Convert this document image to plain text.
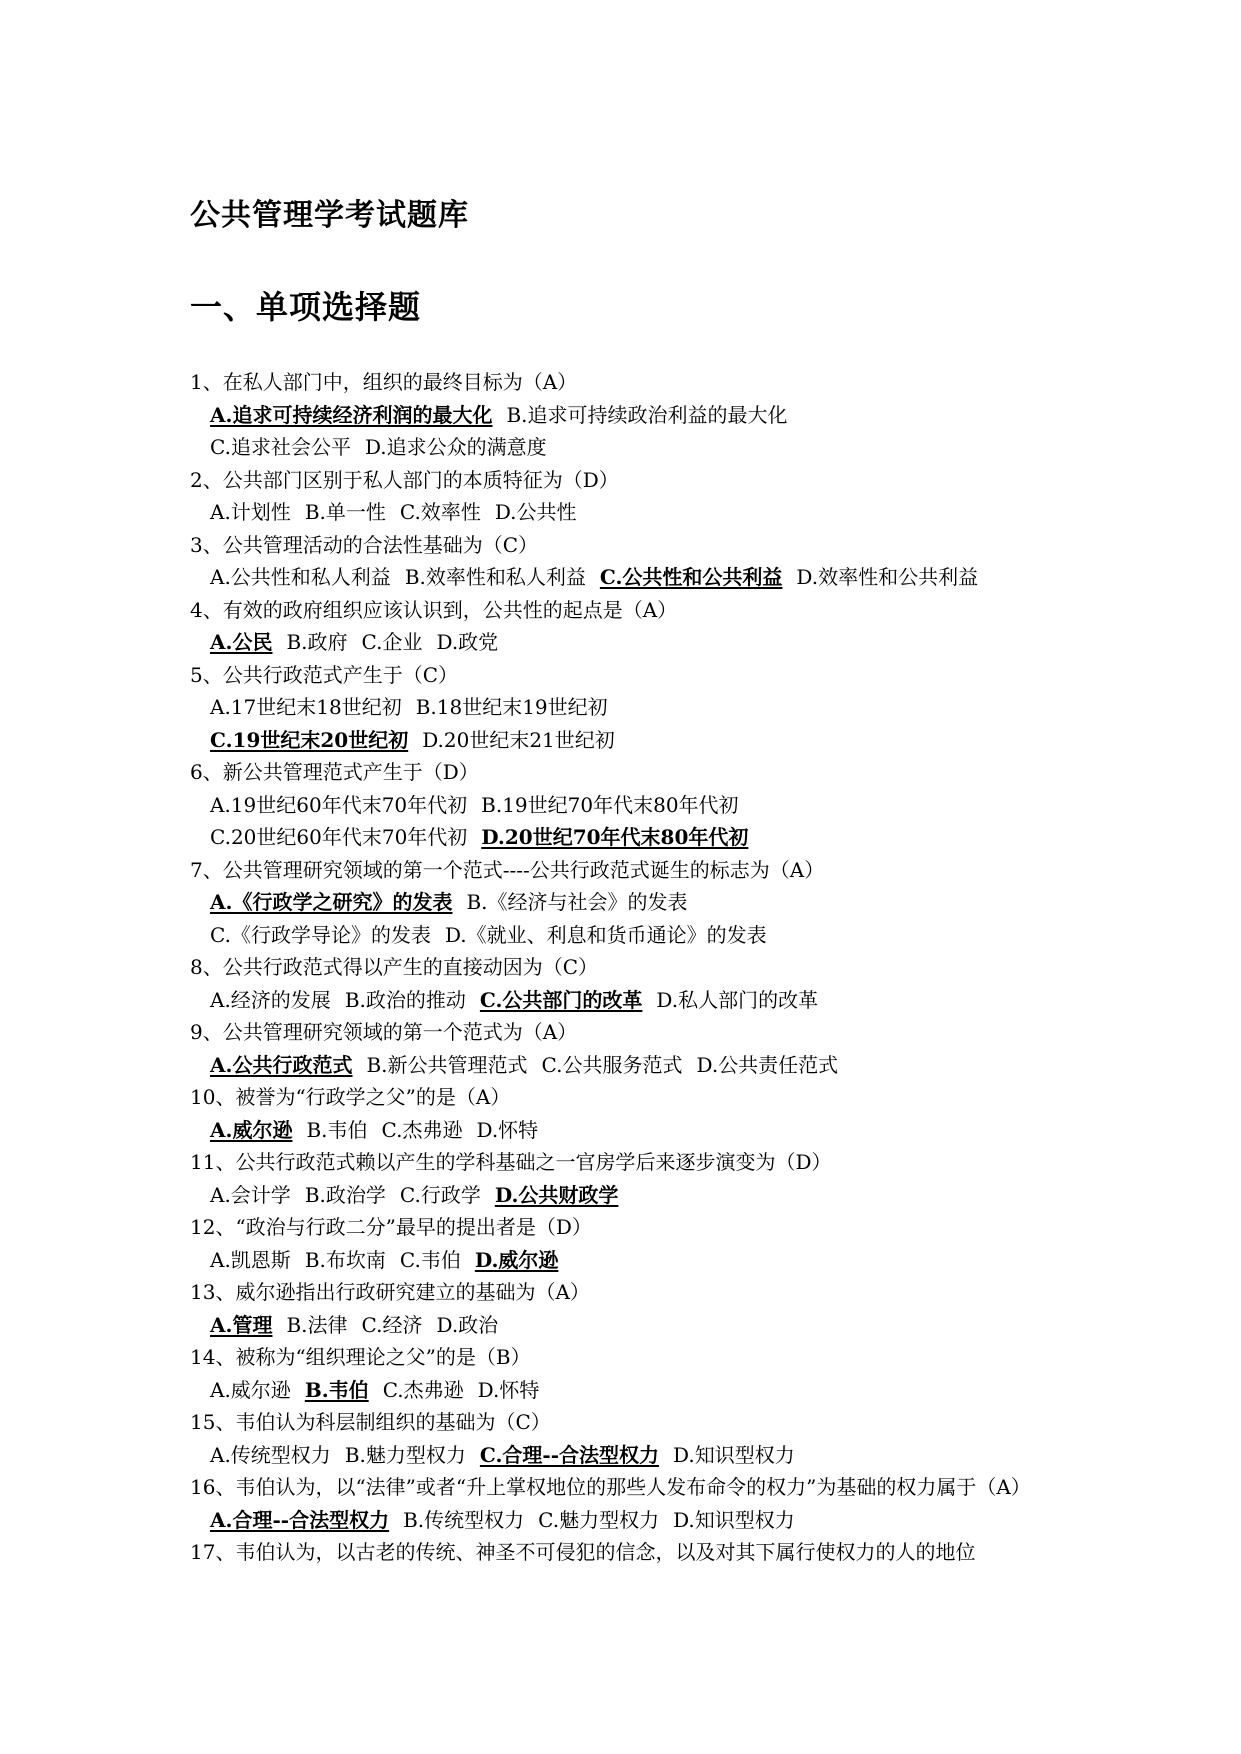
公共管理学考试题库
一、单项选择题
1、在私人部门中，组织的最终目标为（A）
A.追求可持续经济利润的最大化 B.追求可持续政治利益的最大化
C.追求社会公平 D.追求公众的满意度
2、公共部门区别于私人部门的本质特征为（D）
A.计划性 B.单一性 C.效率性 D.公共性
3、公共管理活动的合法性基础为（C）
A.公共性和私人利益 B.效率性和私人利益 C.公共性和公共利益 D.效率性和公共利益
4、有效的政府组织应该认识到，公共性的起点是（A）
A.公民 B.政府 C.企业 D.政党
5、公共行政范式产生于（C）
A.17世纪末18世纪初 B.18世纪末19世纪初
C.19世纪末20世纪初 D.20世纪末21世纪初
6、新公共管理范式产生于（D）
A.19世纪60年代末70年代初 B.19世纪70年代末80年代初
C.20世纪60年代末70年代初 D.20世纪70年代末80年代初
7、公共管理研究领域的第一个范式----公共行政范式诞生的标志为（A）
A.《行政学之研究》的发表 B.《经济与社会》的发表
C.《行政学导论》的发表 D.《就业、利息和货币通论》的发表
8、公共行政范式得以产生的直接动因为（C）
A.经济的发展 B.政治的推动 C.公共部门的改革 D.私人部门的改革
9、公共管理研究领域的第一个范式为（A）
A.公共行政范式 B.新公共管理范式 C.公共服务范式 D.公共责任范式
10、被誉为“行政学之父”的是（A）
A.威尔逊 B.韦伯 C.杰弗逊 D.怀特
11、公共行政范式赖以产生的学科基础之一官房学后来逐步演变为（D）
A.会计学 B.政治学 C.行政学 D.公共财政学
12、“政治与行政二分”最早的提出者是（D）
A.凯恩斯 B.布坎南 C.韦伯 D.威尔逊
13、威尔逊指出行政研究建立的基础为（A）
A.管理 B.法律 C.经济 D.政治
14、被称为“组织理论之父”的是（B）
A.威尔逊 B.韦伯 C.杰弗逊 D.怀特
15、韦伯认为科层制组织的基础为（C）
A.传统型权力 B.魅力型权力 C.合理--合法型权力 D.知识型权力
16、韦伯认为，以“法律”或者“升上掌权地位的那些人发布命令的权力”为基础的权力属于（A）
A.合理--合法型权力 B.传统型权力 C.魅力型权力 D.知识型权力
17、韦伯认为，以古老的传统、神圣不可侵犯的信念，以及对其下属行使权力的人的地位
